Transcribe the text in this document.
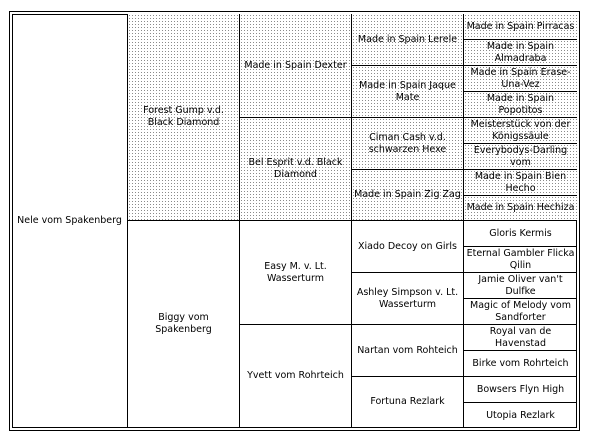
Nele vom Spakenberg
Forest Gump v.d. Black Diamond
Biggy vom Spakenberg
Made in Spain Dexter
Bel Esprit v.d. Black Diamond
Easy M. v. Lt. Wasserturm
Yvett vom Rohrteich
Made in Spain Lerele
Made in Spain Jaque Mate
Ciman Cash v.d. schwarzen Hexe
Made in Spain Zig Zag
Xiado Decoy on Girls
Ashley Simpson v. Lt. Wasserturm
Nartan vom Rohteich
Fortuna Rezlark
Made in Spain Pirracas
Made in Spain Almadraba
Made in Spain Erase-Una-Vez
Made in Spain Popotitos
Meisterstück von der Königssäule
Everybodys-Darling vom
Made in Spain Bien Hecho
Made in Spain Hechiza
Gloris Kermis
Eternal Gambler Flicka Qilin
Jamie Oliver van't Dulfke
Magic of Melody vom Sandforter
Royal van de Havenstad
Birke vom Rohrteich
Bowsers Flyn High
Utopia Rezlark
